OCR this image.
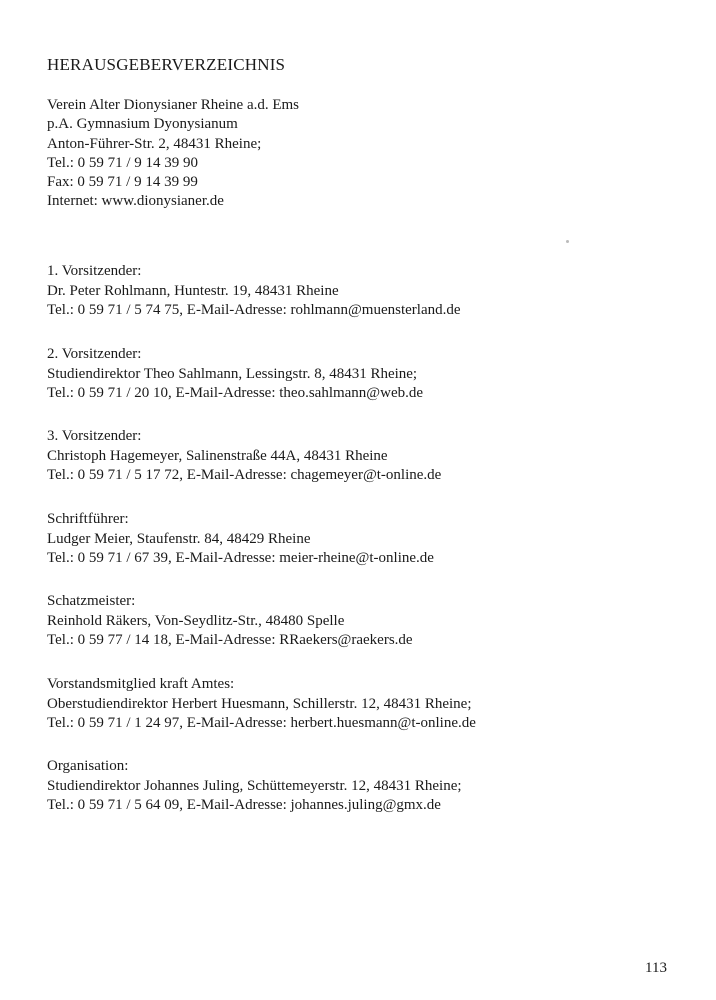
HERAUSGEBERVERZEICHNIS
Verein Alter Dionysianer Rheine a.d. Ems
p.A. Gymnasium Dyonysianum
Anton-Führer-Str. 2, 48431 Rheine;
Tel.: 0 59 71 / 9 14 39 90
Fax: 0 59 71 / 9 14 39 99
Internet: www.dionysianer.de
1. Vorsitzender:
Dr. Peter Rohlmann, Huntestr. 19, 48431 Rheine
Tel.: 0 59 71 / 5 74 75, E-Mail-Adresse: rohlmann@muensterland.de
2. Vorsitzender:
Studiendirektor Theo Sahlmann, Lessingstr. 8, 48431 Rheine;
Tel.: 0 59 71 / 20 10, E-Mail-Adresse: theo.sahlmann@web.de
3. Vorsitzender:
Christoph Hagemeyer, Salinenstraße 44A, 48431 Rheine
Tel.: 0 59 71 / 5 17 72, E-Mail-Adresse: chagemeyer@t-online.de
Schriftführer:
Ludger Meier, Staufenstr. 84, 48429 Rheine
Tel.: 0 59 71 / 67 39, E-Mail-Adresse: meier-rheine@t-online.de
Schatzmeister:
Reinhold Räkers, Von-Seydlitz-Str., 48480 Spelle
Tel.: 0 59 77 / 14 18, E-Mail-Adresse: RRaekers@raekers.de
Vorstandsmitglied kraft Amtes:
Oberstudiendirektor Herbert Huesmann, Schillerstr. 12, 48431 Rheine;
Tel.: 0 59 71 / 1 24 97, E-Mail-Adresse: herbert.huesmann@t-online.de
Organisation:
Studiendirektor Johannes Juling, Schüttemeyerstr. 12, 48431 Rheine;
Tel.: 0 59 71 / 5 64 09, E-Mail-Adresse: johannes.juling@gmx.de
113
